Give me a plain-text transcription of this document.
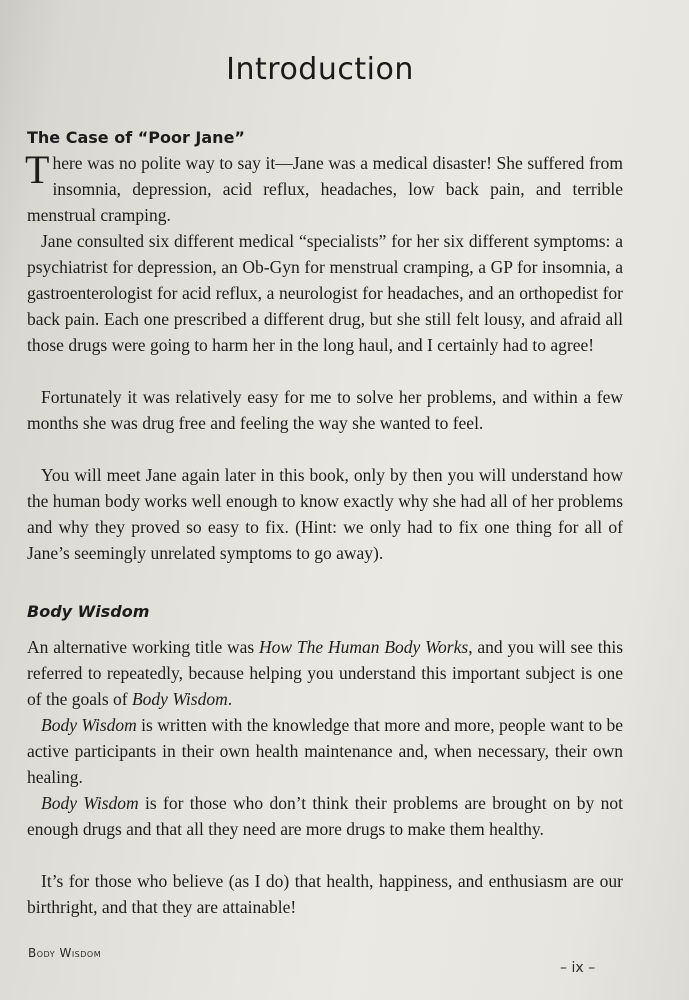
Introduction
The Case of “Poor Jane”

There was no polite way to say it—Jane was a medical disaster! She suffered from insomnia, depression, acid reflux, headaches, low back pain, and terrible menstrual cramping.

Jane consulted six different medical “specialists” for her six different symptoms: a psychiatrist for depression, an Ob-Gyn for menstrual cramping, a GP for insomnia, a gastroenterologist for acid reflux, a neurologist for headaches, and an orthopedist for back pain. Each one prescribed a different drug, but she still felt lousy, and afraid all those drugs were going to harm her in the long haul, and I certainly had to agree!

Fortunately it was relatively easy for me to solve her problems, and within a few months she was drug free and feeling the way she wanted to feel.

You will meet Jane again later in this book, only by then you will understand how the human body works well enough to know exactly why she had all of her problems and why they proved so easy to fix. (Hint: we only had to fix one thing for all of Jane’s seemingly unrelated symptoms to go away).

Body Wisdom

An alternative working title was How The Human Body Works, and you will see this referred to repeatedly, because helping you understand this important subject is one of the goals of Body Wisdom.

Body Wisdom is written with the knowledge that more and more, people want to be active participants in their own health maintenance and, when necessary, their own healing.

Body Wisdom is for those who don’t think their problems are brought on by not enough drugs and that all they need are more drugs to make them healthy.

It’s for those who believe (as I do) that health, happiness, and enthusiasm are our birthright, and that they are attainable!

Body Wisdom
– ix –
